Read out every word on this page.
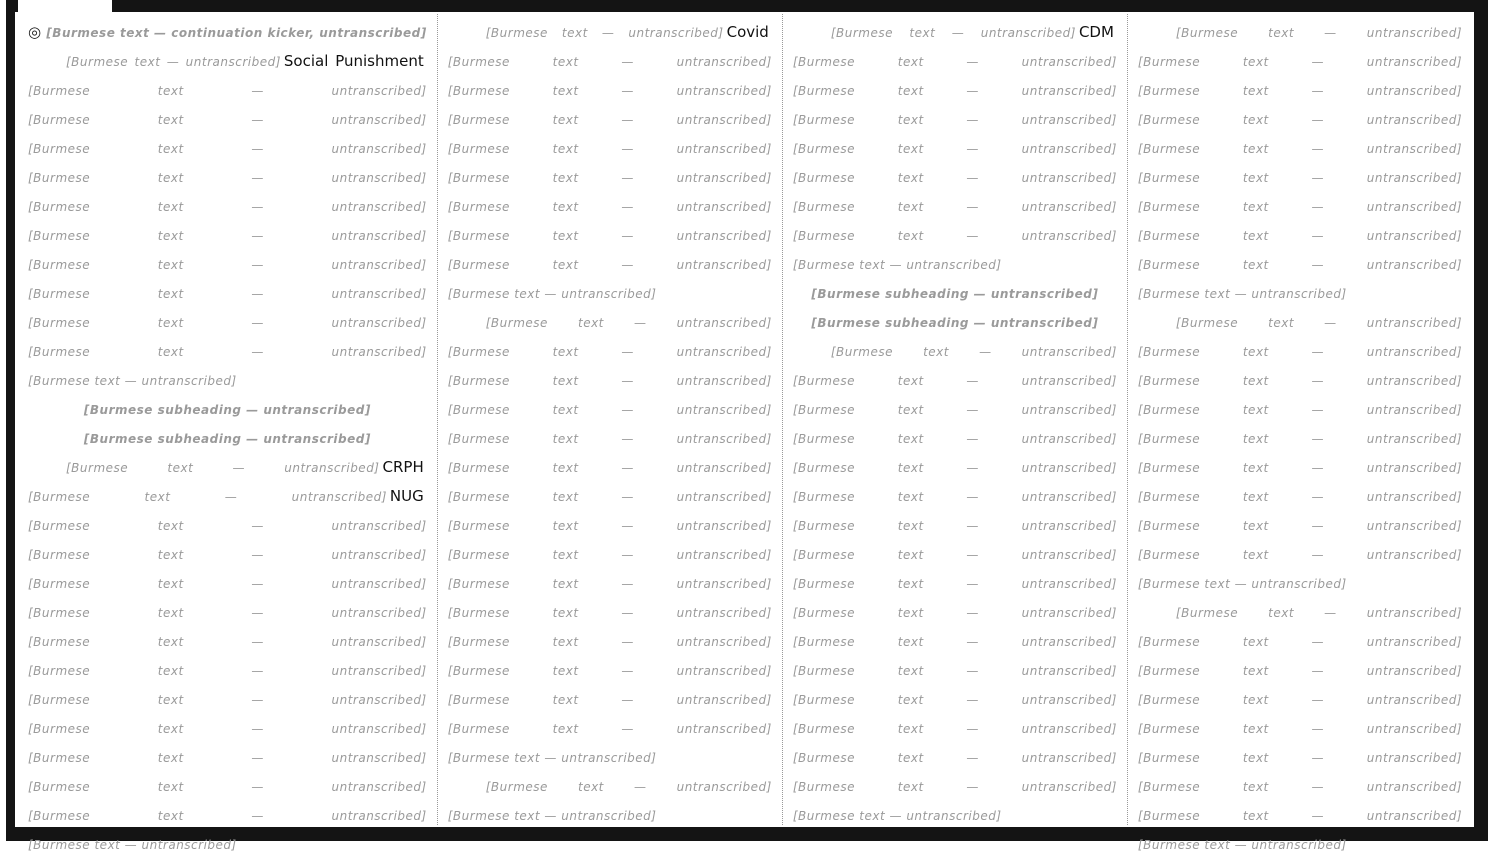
◎ [Burmese text — continuation kicker, untranscribed]
[Burmese text — untranscribed] Social Punishment
[Burmese text — untranscribed]
[Burmese text — untranscribed]
[Burmese text — untranscribed]
[Burmese text — untranscribed]
[Burmese text — untranscribed]
[Burmese text — untranscribed]
[Burmese text — untranscribed]
[Burmese text — untranscribed]
[Burmese text — untranscribed]
[Burmese text — untranscribed]
[Burmese text — untranscribed]
[Burmese subheading — untranscribed]
[Burmese subheading — untranscribed]
[Burmese text — untranscribed] CRPH
[Burmese text — untranscribed] NUG
[Burmese text — untranscribed]
[Burmese text — untranscribed]
[Burmese text — untranscribed]
[Burmese text — untranscribed]
[Burmese text — untranscribed]
[Burmese text — untranscribed]
[Burmese text — untranscribed]
[Burmese text — untranscribed]
[Burmese text — untranscribed]
[Burmese text — untranscribed]
[Burmese text — untranscribed]
[Burmese text — untranscribed]
[Burmese text — untranscribed] Covid
[Burmese text — untranscribed]
[Burmese text — untranscribed]
[Burmese text — untranscribed]
[Burmese text — untranscribed]
[Burmese text — untranscribed]
[Burmese text — untranscribed]
[Burmese text — untranscribed]
[Burmese text — untranscribed]
[Burmese text — untranscribed]
[Burmese text — untranscribed]
[Burmese text — untranscribed]
[Burmese text — untranscribed]
[Burmese text — untranscribed]
[Burmese text — untranscribed]
[Burmese text — untranscribed]
[Burmese text — untranscribed]
[Burmese text — untranscribed]
[Burmese text — untranscribed]
[Burmese text — untranscribed]
[Burmese text — untranscribed]
[Burmese text — untranscribed]
[Burmese text — untranscribed]
[Burmese text — untranscribed]
[Burmese text — untranscribed]
[Burmese text — untranscribed]
[Burmese text — untranscribed]
[Burmese text — untranscribed]
[Burmese text — untranscribed] CDM
[Burmese text — untranscribed]
[Burmese text — untranscribed]
[Burmese text — untranscribed]
[Burmese text — untranscribed]
[Burmese text — untranscribed]
[Burmese text — untranscribed]
[Burmese text — untranscribed]
[Burmese text — untranscribed]
[Burmese subheading — untranscribed]
[Burmese subheading — untranscribed]
[Burmese text — untranscribed]
[Burmese text — untranscribed]
[Burmese text — untranscribed]
[Burmese text — untranscribed]
[Burmese text — untranscribed]
[Burmese text — untranscribed]
[Burmese text — untranscribed]
[Burmese text — untranscribed]
[Burmese text — untranscribed]
[Burmese text — untranscribed]
[Burmese text — untranscribed]
[Burmese text — untranscribed]
[Burmese text — untranscribed]
[Burmese text — untranscribed]
[Burmese text — untranscribed]
[Burmese text — untranscribed]
[Burmese text — untranscribed]
[Burmese text — untranscribed]
[Burmese text — untranscribed]
[Burmese text — untranscribed]
[Burmese text — untranscribed]
[Burmese text — untranscribed]
[Burmese text — untranscribed]
[Burmese text — untranscribed]
[Burmese text — untranscribed]
[Burmese text — untranscribed]
[Burmese text — untranscribed]
[Burmese text — untranscribed]
[Burmese text — untranscribed]
[Burmese text — untranscribed]
[Burmese text — untranscribed]
[Burmese text — untranscribed]
[Burmese text — untranscribed]
[Burmese text — untranscribed]
[Burmese text — untranscribed]
[Burmese text — untranscribed]
[Burmese text — untranscribed]
[Burmese text — untranscribed]
[Burmese text — untranscribed]
[Burmese text — untranscribed]
[Burmese text — untranscribed]
[Burmese text — untranscribed]
[Burmese text — untranscribed]
[Burmese text — untranscribed]
[Burmese text — untranscribed]
[Burmese text — untranscribed]
